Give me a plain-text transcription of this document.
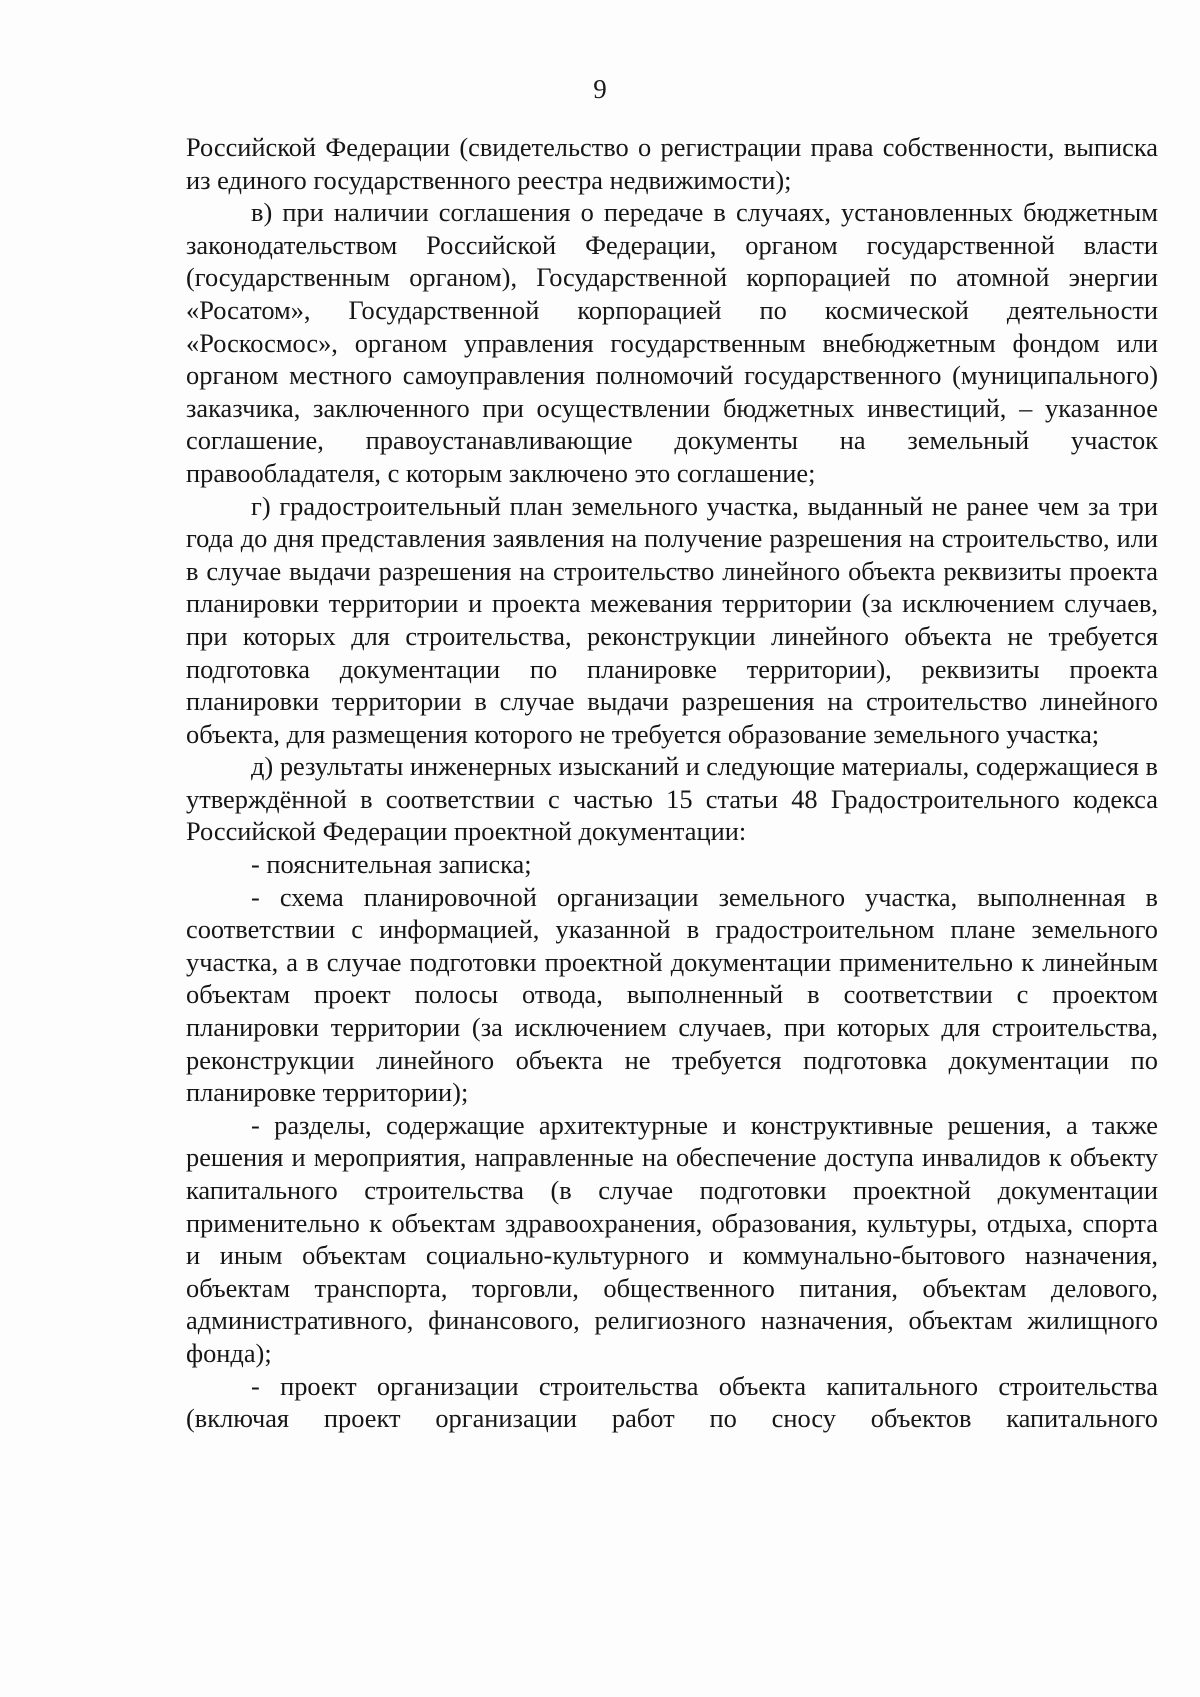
9

Российской Федерации (свидетельство о регистрации права собственности, выписка из единого государственного реестра недвижимости);

в) при наличии соглашения о передаче в случаях, установленных бюджетным законодательством Российской Федерации, органом государственной власти (государственным органом), Государственной корпорацией по атомной энергии «Росатом», Государственной корпорацией по космической деятельности «Роскосмос», органом управления государственным внебюджетным фондом или органом местного самоуправления полномочий государственного (муниципального) заказчика, заключенного при осуществлении бюджетных инвестиций, – указанное соглашение, правоустанавливающие документы на земельный участок правообладателя, с которым заключено это соглашение;

г) градостроительный план земельного участка, выданный не ранее чем за три года до дня представления заявления на получение разрешения на строительство, или в случае выдачи разрешения на строительство линейного объекта реквизиты проекта планировки территории и проекта межевания территории (за исключением случаев, при которых для строительства, реконструкции линейного объекта не требуется подготовка документации по планировке территории), реквизиты проекта планировки территории в случае выдачи разрешения на строительство линейного объекта, для размещения которого не требуется образование земельного участка;

д) результаты инженерных изысканий и следующие материалы, содержащиеся в утверждённой в соответствии с частью 15 статьи 48 Градостроительного кодекса Российской Федерации проектной документации:

- пояснительная записка;

- схема планировочной организации земельного участка, выполненная в соответствии с информацией, указанной в градостроительном плане земельного участка, а в случае подготовки проектной документации применительно к линейным объектам проект полосы отвода, выполненный в соответствии с проектом планировки территории (за исключением случаев, при которых для строительства, реконструкции линейного объекта не требуется подготовка документации по планировке территории);

- разделы, содержащие архитектурные и конструктивные решения, а также решения и мероприятия, направленные на обеспечение доступа инвалидов к объекту капитального строительства (в случае подготовки проектной документации применительно к объектам здравоохранения, образования, культуры, отдыха, спорта и иным объектам социально-культурного и коммунально-бытового назначения, объектам транспорта, торговли, общественного питания, объектам делового, административного, финансового, религиозного назначения, объектам жилищного фонда);

- проект организации строительства объекта капитального строительства (включая проект организации работ по сносу объектов капитального
